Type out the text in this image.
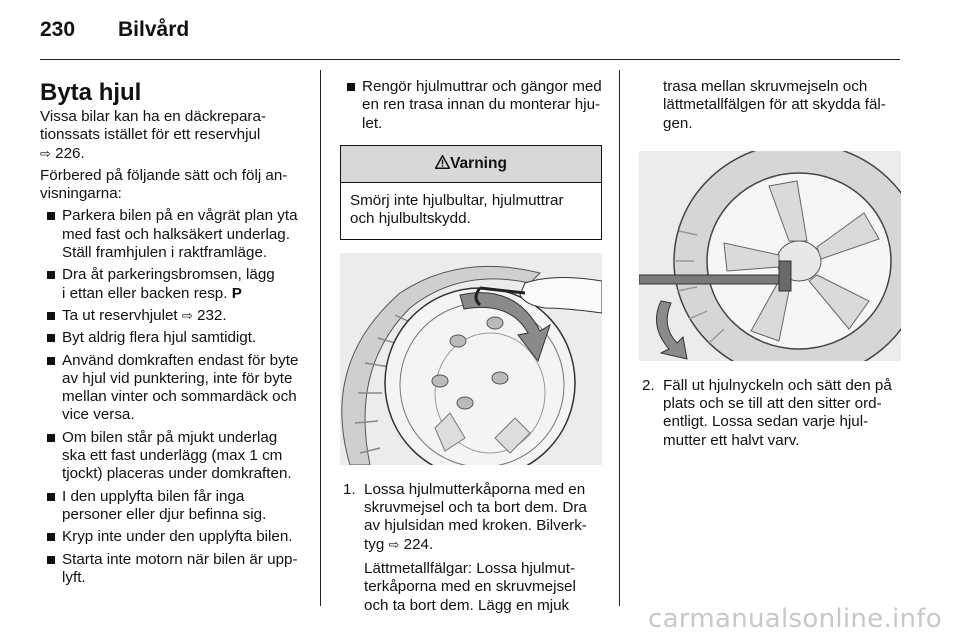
230 Bilvård
Byta hjul

Vissa bilar kan ha en däckrepara-
tionssats istället för ett reservhjul
⇨ 226.

Förbered på följande sätt och följ an-
visningarna:

Parkera bilen på en vågrät plan yta
med fast och halksäkert underlag.
Ställ framhjulen i raktframläge.
Dra åt parkeringsbromsen, lägg
i ettan eller backen resp. P
Ta ut reservhjulet ⇨ 232.
Byt aldrig flera hjul samtidigt.
Använd domkraften endast för byte
av hjul vid punktering, inte för byte
mellan vinter och sommardäck och
vice versa.
Om bilen står på mjukt underlag
ska ett fast underlägg (max 1 cm
tjockt) placeras under domkraften.
I den upplyfta bilen får inga
personer eller djur befinna sig.
Kryp inte under den upplyfta bilen.
Starta inte motorn när bilen är upp-
lyft.
Rengör hjulmuttrar och gängor med
en ren trasa innan du monterar hju-
let.
Varning
Smörj inte hjulbultar, hjulmuttrar
och hjulbultskydd.
1. Lossa hjulmutterkåporna med en
skruvmejsel och ta bort dem. Dra
av hjulsidan med kroken. Bilverk-
tyg ⇨ 224.
Lättmetallfälgar: Lossa hjulmut-
terkåporna med en skruvmejsel
och ta bort dem. Lägg en mjuk
trasa mellan skruvmejseln och
lättmetallfälgen för att skydda fäl-
gen.
2. Fäll ut hjulnyckeln och sätt den på
plats och se till att den sitter ord-
entligt. Lossa sedan varje hjul-
mutter ett halvt varv.
carmanualsonline.info
